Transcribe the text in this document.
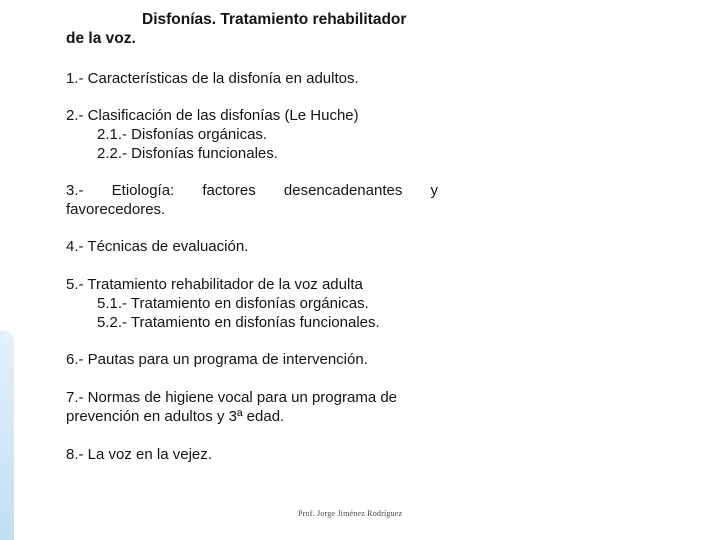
Disfonías. Tratamiento rehabilitador
de la voz.
1.- Características de la disfonía en adultos.
2.- Clasificación de las disfonías (Le Huche)
2.1.- Disfonías orgánicas.
2.2.- Disfonías funcionales.
3.- Etiología: factores desencadenantes y
favorecedores.
4.- Técnicas de evaluación.
5.- Tratamiento rehabilitador de la voz adulta
5.1.- Tratamiento en disfonías orgánicas.
5.2.- Tratamiento en disfonías funcionales.
6.- Pautas para un programa de intervención.
7.- Normas de higiene vocal para un programa de
prevención en adultos y 3ª edad.
8.- La voz en la vejez.
Prof. Jorge Jiménez Rodríguez
